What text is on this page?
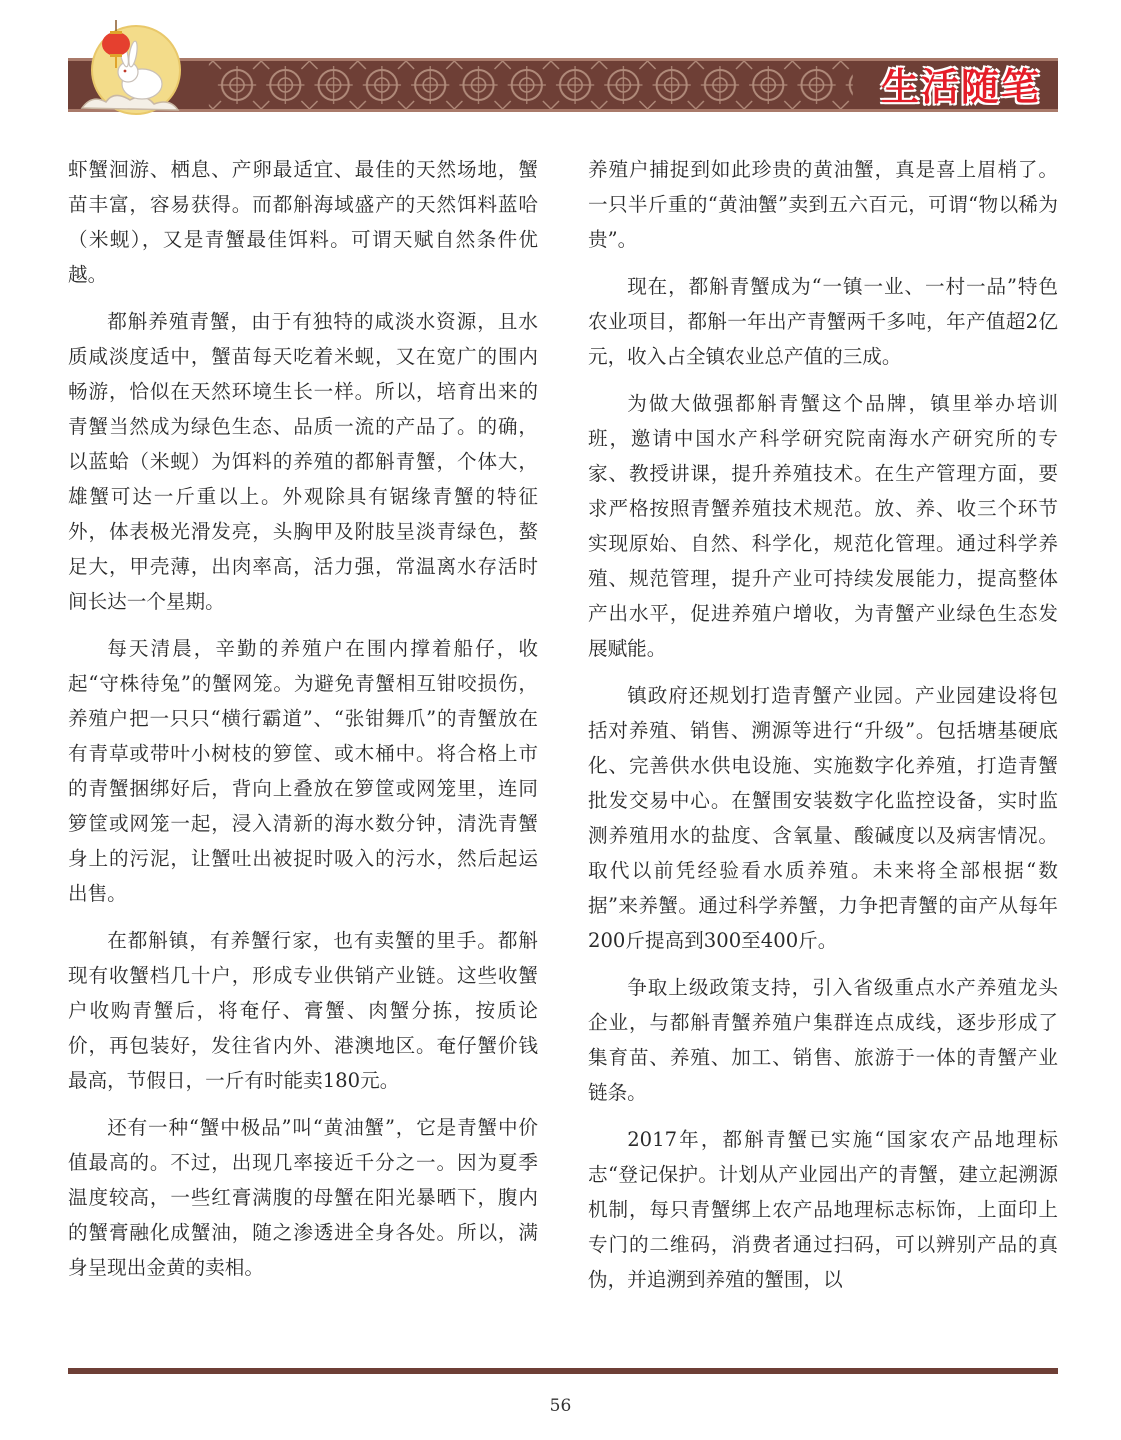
生活随笔

虾蟹洄游、栖息、产卵最适宜、最佳的天然场地，蟹苗丰富，容易获得。而都斛海域盛产的天然饵料蓝哈（米蚬），又是青蟹最佳饵料。可谓天赋自然条件优越。

都斛养殖青蟹，由于有独特的咸淡水资源，且水质咸淡度适中，蟹苗每天吃着米蚬，又在宽广的围内畅游，恰似在天然环境生长一样。所以，培育出来的青蟹当然成为绿色生态、品质一流的产品了。的确，以蓝蛤（米蚬）为饵料的养殖的都斛青蟹，个体大，雄蟹可达一斤重以上。外观除具有锯缘青蟹的特征外，体表极光滑发亮，头胸甲及附肢呈淡青绿色，螯足大，甲壳薄，出肉率高，活力强，常温离水存活时间长达一个星期。

每天清晨，辛勤的养殖户在围内撑着船仔，收起“守株待兔”的蟹网笼。为避免青蟹相互钳咬损伤，养殖户把一只只“横行霸道”、“张钳舞爪”的青蟹放在有青草或带叶小树枝的箩筐、或木桶中。将合格上市的青蟹捆绑好后，背向上叠放在箩筐或网笼里，连同箩筐或网笼一起，浸入清新的海水数分钟，清洗青蟹身上的污泥，让蟹吐出被捉时吸入的污水，然后起运出售。

在都斛镇，有养蟹行家，也有卖蟹的里手。都斛现有收蟹档几十户，形成专业供销产业链。这些收蟹户收购青蟹后，将奄仔、膏蟹、肉蟹分拣，按质论价，再包装好，发往省内外、港澳地区。奄仔蟹价钱最高，节假日，一斤有时能卖180元。

还有一种“蟹中极品”叫“黄油蟹”，它是青蟹中价值最高的。不过，出现几率接近千分之一。因为夏季温度较高，一些红膏满腹的母蟹在阳光暴晒下，腹内的蟹膏融化成蟹油，随之渗透进全身各处。所以，满身呈现出金黄的卖相。

养殖户捕捉到如此珍贵的黄油蟹，真是喜上眉梢了。一只半斤重的“黄油蟹”卖到五六百元，可谓“物以稀为贵”。

现在，都斛青蟹成为“一镇一业、一村一品”特色农业项目，都斛一年出产青蟹两千多吨，年产值超2亿元，收入占全镇农业总产值的三成。

为做大做强都斛青蟹这个品牌，镇里举办培训班，邀请中国水产科学研究院南海水产研究所的专家、教授讲课，提升养殖技术。在生产管理方面，要求严格按照青蟹养殖技术规范。放、养、收三个环节实现原始、自然、科学化，规范化管理。通过科学养殖、规范管理，提升产业可持续发展能力，提高整体产出水平，促进养殖户增收，为青蟹产业绿色生态发展赋能。

镇政府还规划打造青蟹产业园。产业园建设将包括对养殖、销售、溯源等进行“升级”。包括塘基硬底化、完善供水供电设施、实施数字化养殖，打造青蟹批发交易中心。在蟹围安装数字化监控设备，实时监测养殖用水的盐度、含氧量、酸碱度以及病害情况。取代以前凭经验看水质养殖。未来将全部根据“数据”来养蟹。通过科学养蟹，力争把青蟹的亩产从每年200斤提高到300至400斤。

争取上级政策支持，引入省级重点水产养殖龙头企业，与都斛青蟹养殖户集群连点成线，逐步形成了集育苗、养殖、加工、销售、旅游于一体的青蟹产业链条。

2017年，都斛青蟹已实施“国家农产品地理标志“登记保护。计划从产业园出产的青蟹，建立起溯源机制，每只青蟹绑上农产品地理标志标饰，上面印上专门的二维码，消费者通过扫码，可以辨别产品的真伪，并追溯到养殖的蟹围，以

56
